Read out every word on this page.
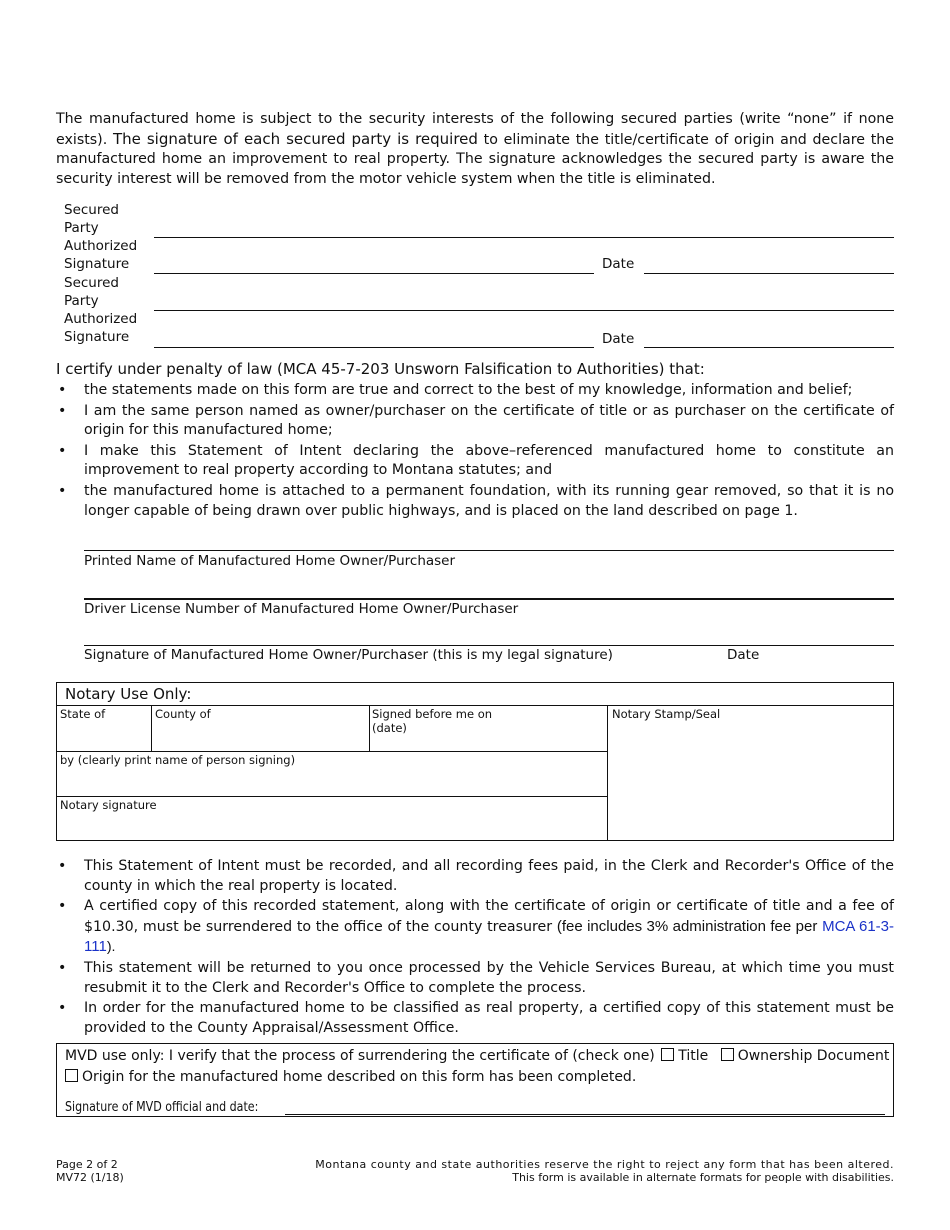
The manufactured home is subject to the security interests of the following secured parties (write “none” if none exists). The signature of each secured party is required to eliminate the title/certificate of origin and declare the manufactured home an improvement to real property. The signature acknowledges the secured party is aware the security interest will be removed from the motor vehicle system when the title is eliminated.
Secured
Party
Authorized
Signature	Date
Secured
Party
Authorized
Signature	Date
I certify under penalty of law (MCA 45-7-203 Unsworn Falsification to Authorities) that:
• the statements made on this form are true and correct to the best of my knowledge, information and belief;
• I am the same person named as owner/purchaser on the certificate of title or as purchaser on the certificate of origin for this manufactured home;
• I make this Statement of Intent declaring the above–referenced manufactured home to constitute an improvement to real property according to Montana statutes; and
• the manufactured home is attached to a permanent foundation, with its running gear removed, so that it is no longer capable of being drawn over public highways, and is placed on the land described on page 1.
Printed Name of Manufactured Home Owner/Purchaser
Driver License Number of Manufactured Home Owner/Purchaser
Signature of Manufactured Home Owner/Purchaser (this is my legal signature)	Date
Notary Use Only:
State of	County of	Signed before me on
(date)
Notary Stamp/Seal
by (clearly print name of person signing)
Notary signature
• This Statement of Intent must be recorded, and all recording fees paid, in the Clerk and Recorder's Office of the county in which the real property is located.
• A certified copy of this recorded statement, along with the certificate of origin or certificate of title and a fee of $10.30, must be surrendered to the office of the county treasurer (fee includes 3% administration fee per MCA 61-3-111).
• This statement will be returned to you once processed by the Vehicle Services Bureau, at which time you must resubmit it to the Clerk and Recorder's Office to complete the process.
• In order for the manufactured home to be classified as real property, a certified copy of this statement must be provided to the County Appraisal/Assessment Office.
MVD use only: I verify that the process of surrendering the certificate of (check one) Title Ownership Document
Origin for the manufactured home described on this form has been completed.
Signature of MVD official and date:
Page 2 of 2
MV72 (1/18)
Montana county and state authorities reserve the right to reject any form that has been altered.
This form is available in alternate formats for people with disabilities.
